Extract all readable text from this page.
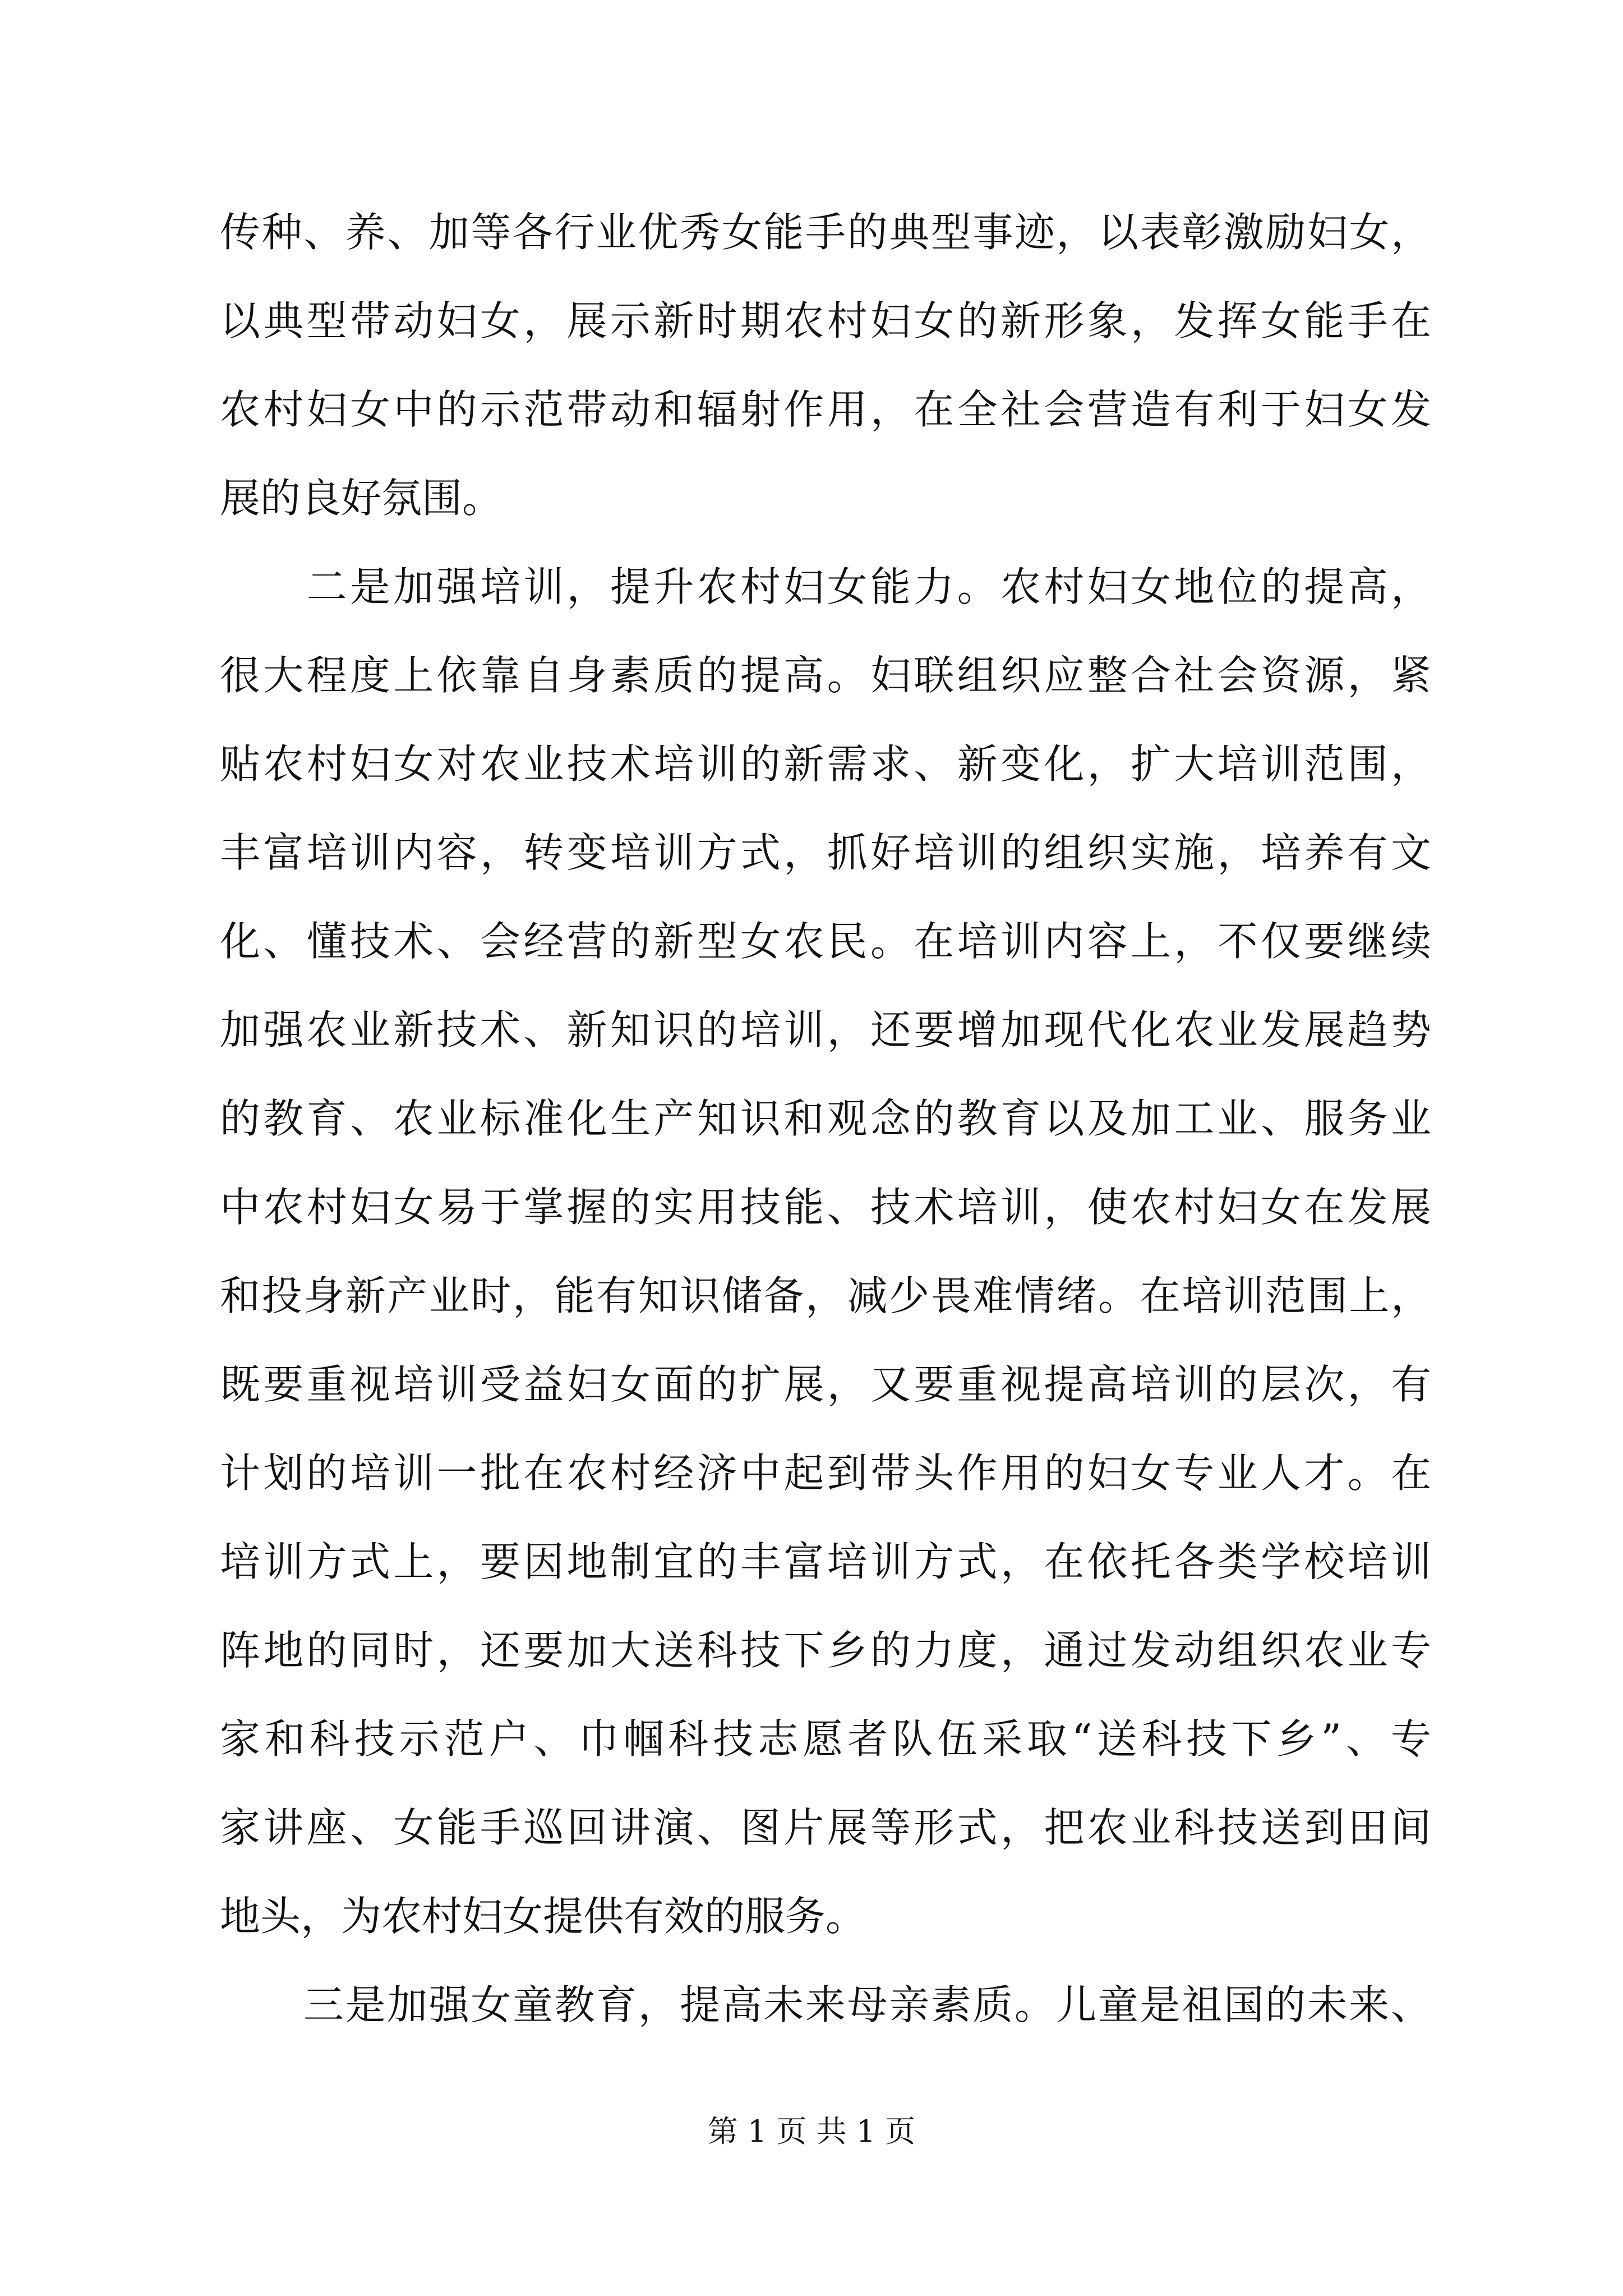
传种、养、加等各行业优秀女能手的典型事迹，以表彰激励妇女，
以典型带动妇女，展示新时期农村妇女的新形象，发挥女能手在
农村妇女中的示范带动和辐射作用，在全社会营造有利于妇女发
展的良好氛围。
　　二是加强培训，提升农村妇女能力。农村妇女地位的提高，
很大程度上依靠自身素质的提高。妇联组织应整合社会资源，紧
贴农村妇女对农业技术培训的新需求、新变化，扩大培训范围，
丰富培训内容，转变培训方式，抓好培训的组织实施，培养有文
化、懂技术、会经营的新型女农民。在培训内容上，不仅要继续
加强农业新技术、新知识的培训，还要增加现代化农业发展趋势
的教育、农业标准化生产知识和观念的教育以及加工业、服务业
中农村妇女易于掌握的实用技能、技术培训，使农村妇女在发展
和投身新产业时，能有知识储备，减少畏难情绪。在培训范围上，
既要重视培训受益妇女面的扩展，又要重视提高培训的层次，有
计划的培训一批在农村经济中起到带头作用的妇女专业人才。在
培训方式上，要因地制宜的丰富培训方式，在依托各类学校培训
阵地的同时，还要加大送科技下乡的力度，通过发动组织农业专
家和科技示范户、巾帼科技志愿者队伍采取“送科技下乡”、专
家讲座、女能手巡回讲演、图片展等形式，把农业科技送到田间
地头，为农村妇女提供有效的服务。
　　三是加强女童教育，提高未来母亲素质。儿童是祖国的未来、
第 1 页 共 1 页
